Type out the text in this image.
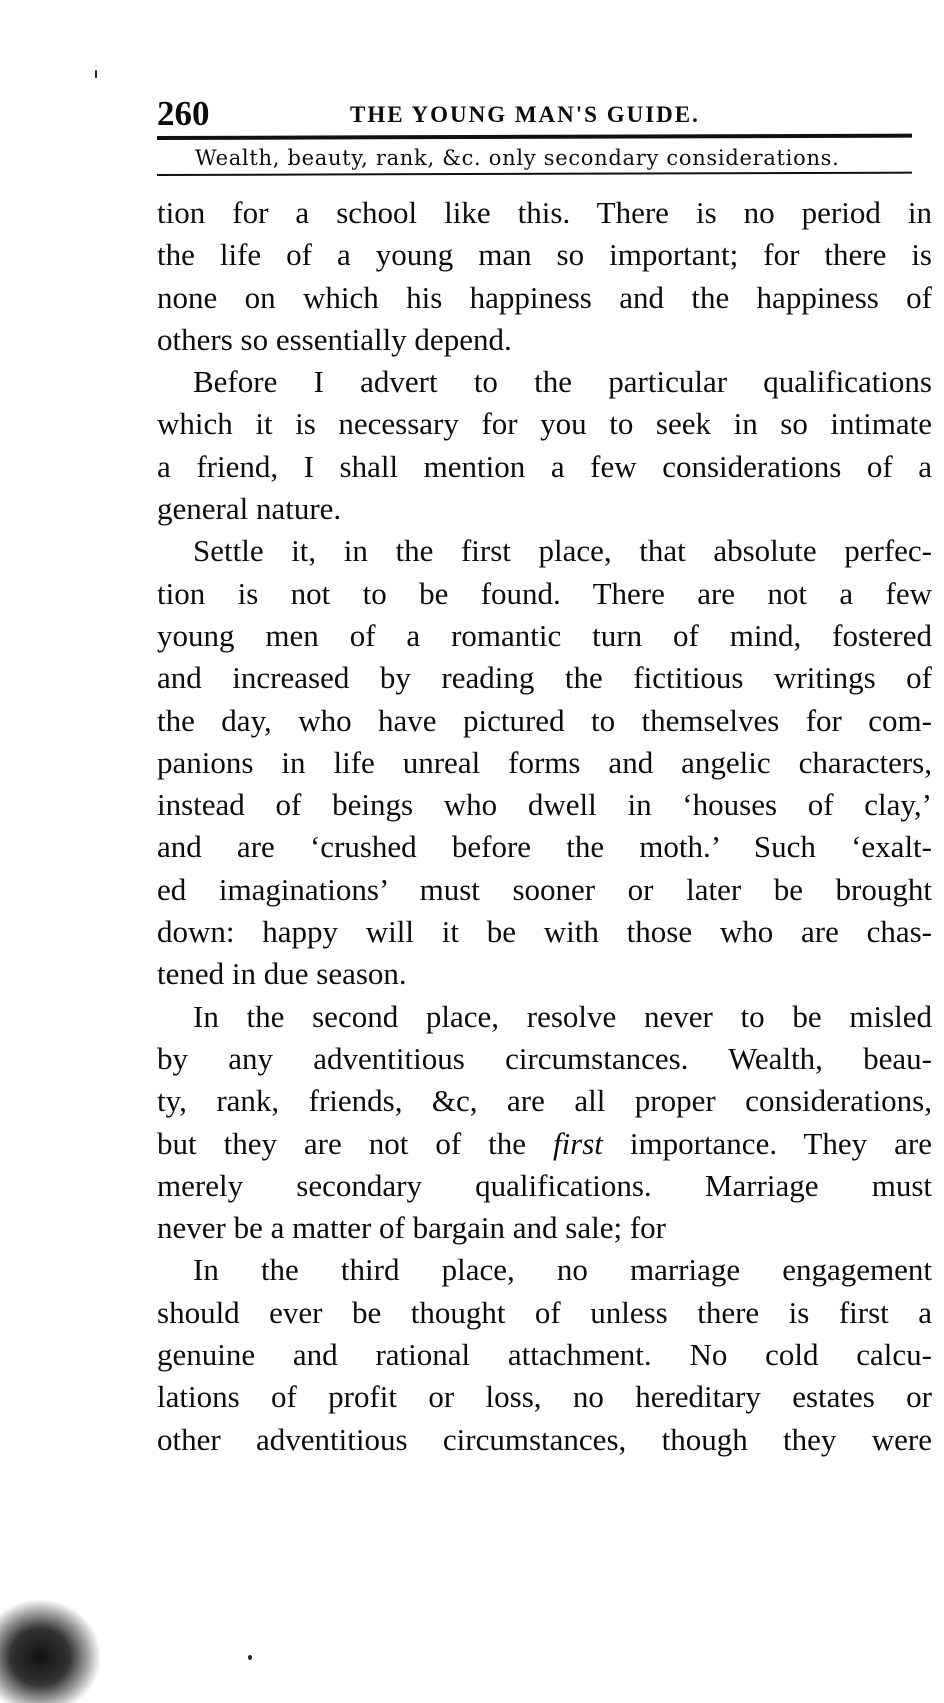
260	THE YOUNG MAN'S GUIDE.
Wealth, beauty, rank, &c. only secondary considerations.
tion for a school like this. There is no period in
the life of a young man so important; for there is
none on which his happiness and the happiness of
others so essentially depend.
Before I advert to the particular qualifications
which it is necessary for you to seek in so intimate
a friend, I shall mention a few considerations of a
general nature.
Settle it, in the first place, that absolute perfec-
tion is not to be found. There are not a few
young men of a romantic turn of mind, fostered
and increased by reading the fictitious writings of
the day, who have pictured to themselves for com-
panions in life unreal forms and angelic characters,
instead of beings who dwell in ‘houses of clay,’
and are ‘crushed before the moth.’ Such ‘exalt-
ed imaginations’ must sooner or later be brought
down: happy will it be with those who are chas-
tened in due season.
In the second place, resolve never to be misled
by any adventitious circumstances. Wealth, beau-
ty, rank, friends, &c, are all proper considerations,
but they are not of the first importance. They are
merely secondary qualifications. Marriage must
never be a matter of bargain and sale; for
In the third place, no marriage engagement
should ever be thought of unless there is first a
genuine and rational attachment. No cold calcu-
lations of profit or loss, no hereditary estates or
other adventitious circumstances, though they were
